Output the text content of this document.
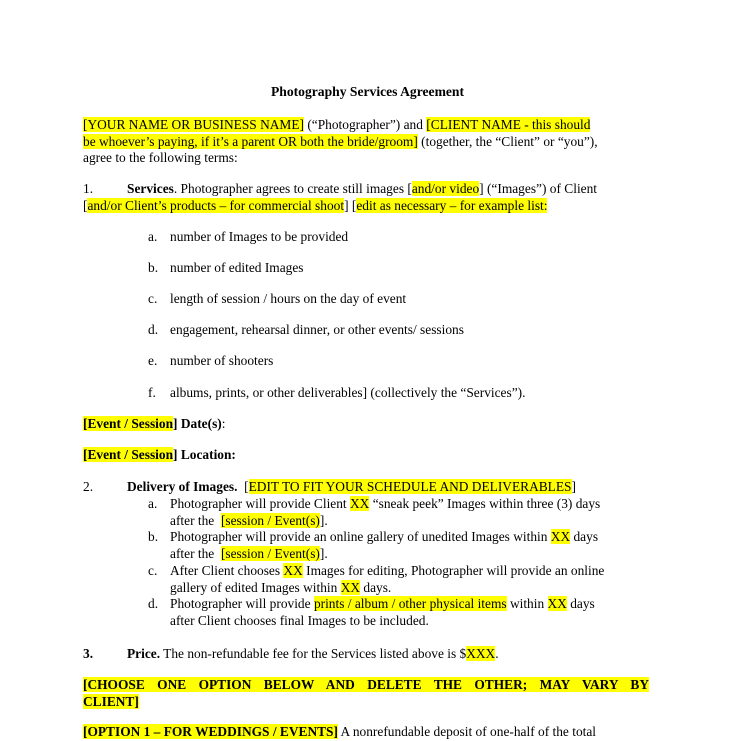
Photography Services Agreement
[YOUR NAME OR BUSINESS NAME] (“Photographer”) and [CLIENT NAME - this should
be whoever’s paying, if it’s a parent OR both the bride/groom] (together, the “Client” or “you”),
agree to the following terms:
1.	Services. Photographer agrees to create still images [and/or video] (“Images”) of Client
[and/or Client’s products – for commercial shoot] [edit as necessary – for example list:
a. number of Images to be provided
b. number of edited Images
c. length of session / hours on the day of event
d. engagement, rehearsal dinner, or other events/ sessions
e. number of shooters
f. albums, prints, or other deliverables] (collectively the “Services”).
[Event / Session] Date(s):
[Event / Session] Location:
2.	Delivery of Images. [EDIT TO FIT YOUR SCHEDULE AND DELIVERABLES]
a. Photographer will provide Client XX “sneak peek” Images within three (3) days
after the  [session / Event(s)].
b. Photographer will provide an online gallery of unedited Images within XX days
after the  [session / Event(s)].
c. After Client chooses XX Images for editing, Photographer will provide an online
gallery of edited Images within XX days.
d. Photographer will provide prints / album / other physical items within XX days
after Client chooses final Images to be included.
3.	Price. The non-refundable fee for the Services listed above is $XXX.
[CHOOSE ONE OPTION BELOW AND DELETE THE OTHER; MAY VARY BY
CLIENT]
[OPTION 1 – FOR WEDDINGS / EVENTS] A nonrefundable deposit of one-half of the total
